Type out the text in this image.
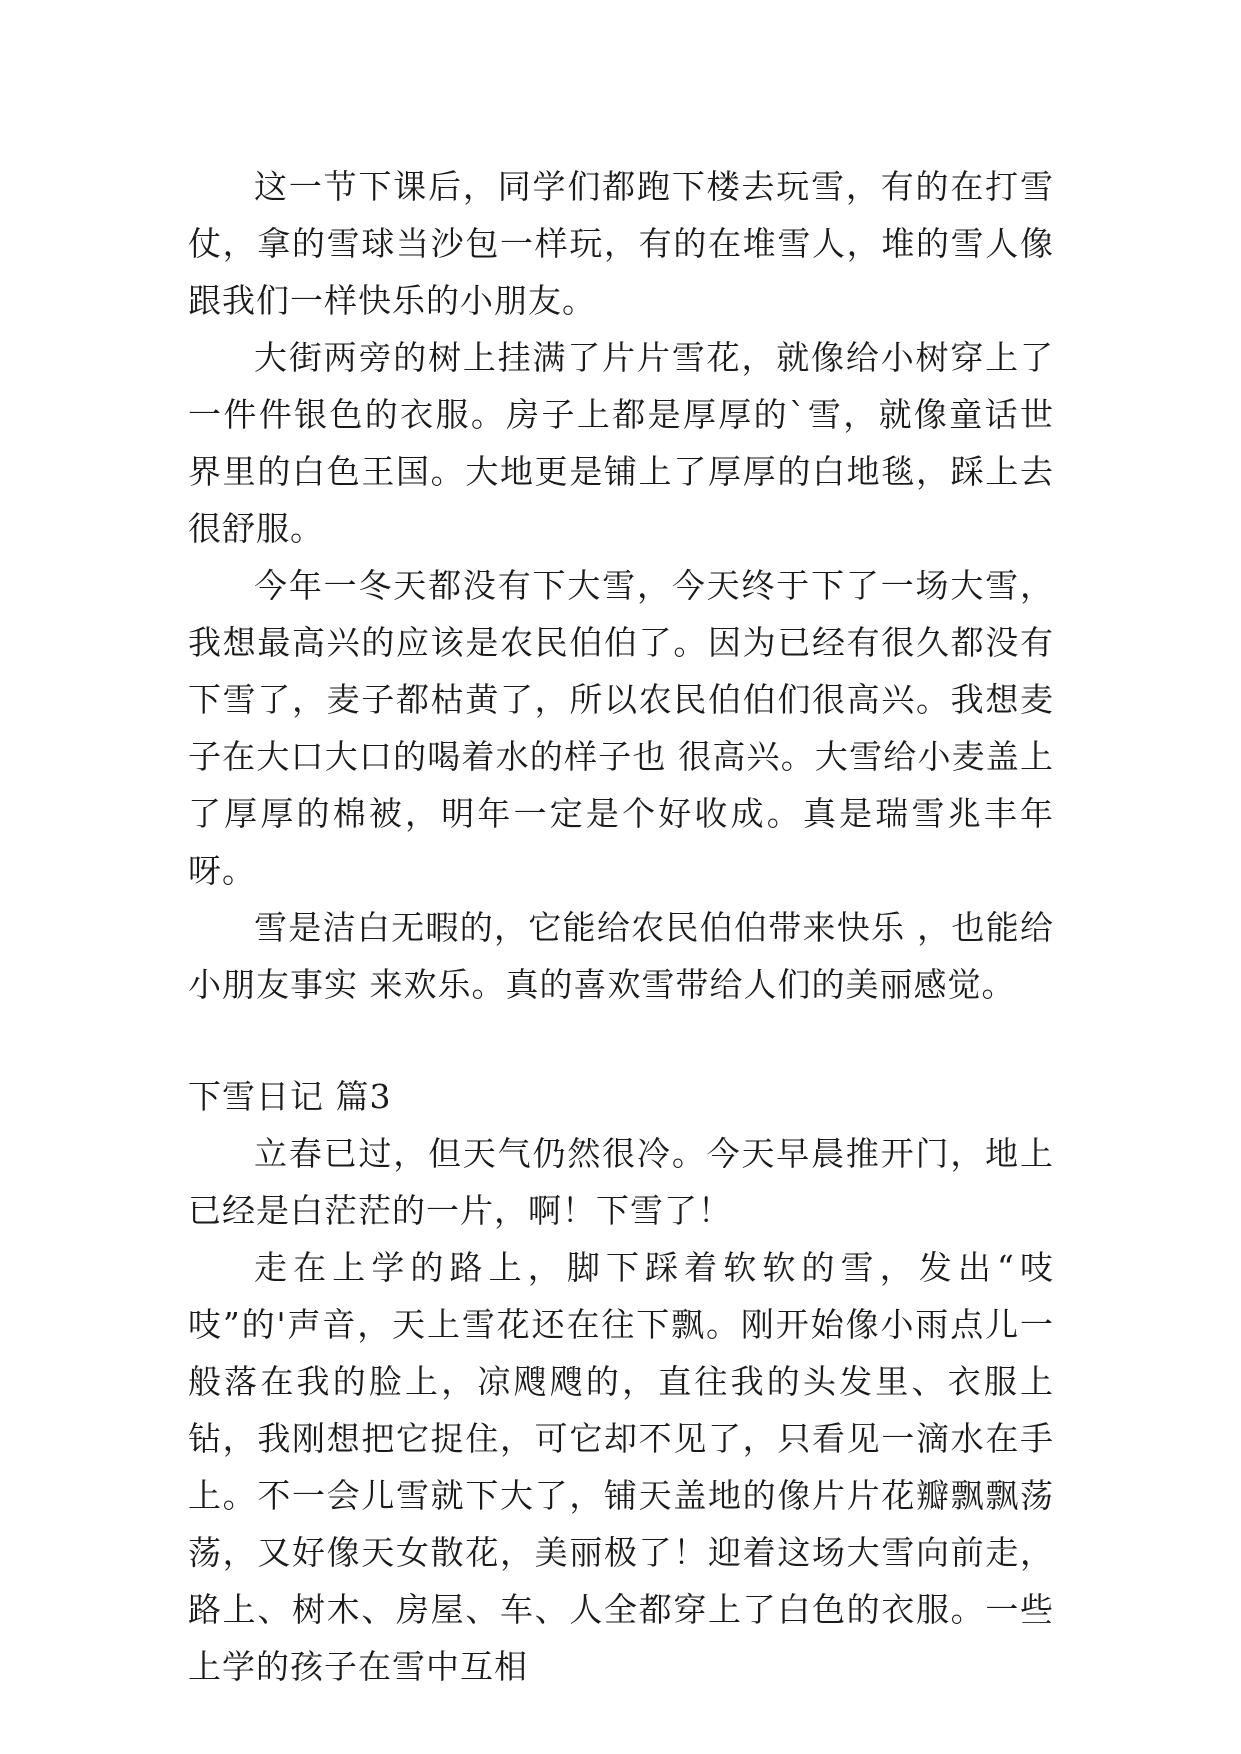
这一节下课后，同学们都跑下楼去玩雪，有的在打雪仗，拿的雪球当沙包一样玩，有的在堆雪人，堆的雪人像跟我们一样快乐的小朋友。

大街两旁的树上挂满了片片雪花，就像给小树穿上了一件件银色的衣服。房子上都是厚厚的`雪，就像童话世界里的白色王国。大地更是铺上了厚厚的白地毯，踩上去很舒服。

今年一冬天都没有下大雪，今天终于下了一场大雪，我想最高兴的应该是农民伯伯了。因为已经有很久都没有下雪了，麦子都枯黄了，所以农民伯伯们很高兴。我想麦子在大口大口的喝着水的样子也 很高兴。大雪给小麦盖上了厚厚的棉被，明年一定是个好收成。真是瑞雪兆丰年呀。

雪是洁白无暇的，它能给农民伯伯带来快乐 ，也能给小朋友事实 来欢乐。真的喜欢雪带给人们的美丽感觉。

下雪日记 篇3

立春已过，但天气仍然很冷。今天早晨推开门，地上已经是白茫茫的一片，啊！下雪了！

走在上学的路上，脚下踩着软软的雪，发出“吱吱”的'声音，天上雪花还在往下飘。刚开始像小雨点儿一般落在我的脸上，凉飕飕的，直往我的头发里、衣服上钻，我刚想把它捉住，可它却不见了，只看见一滴水在手上。不一会儿雪就下大了，铺天盖地的像片片花瓣飘飘荡荡，又好像天女散花，美丽极了！迎着这场大雪向前走，路上、树木、房屋、车、人全都穿上了白色的衣服。一些上学的孩子在雪中互相
